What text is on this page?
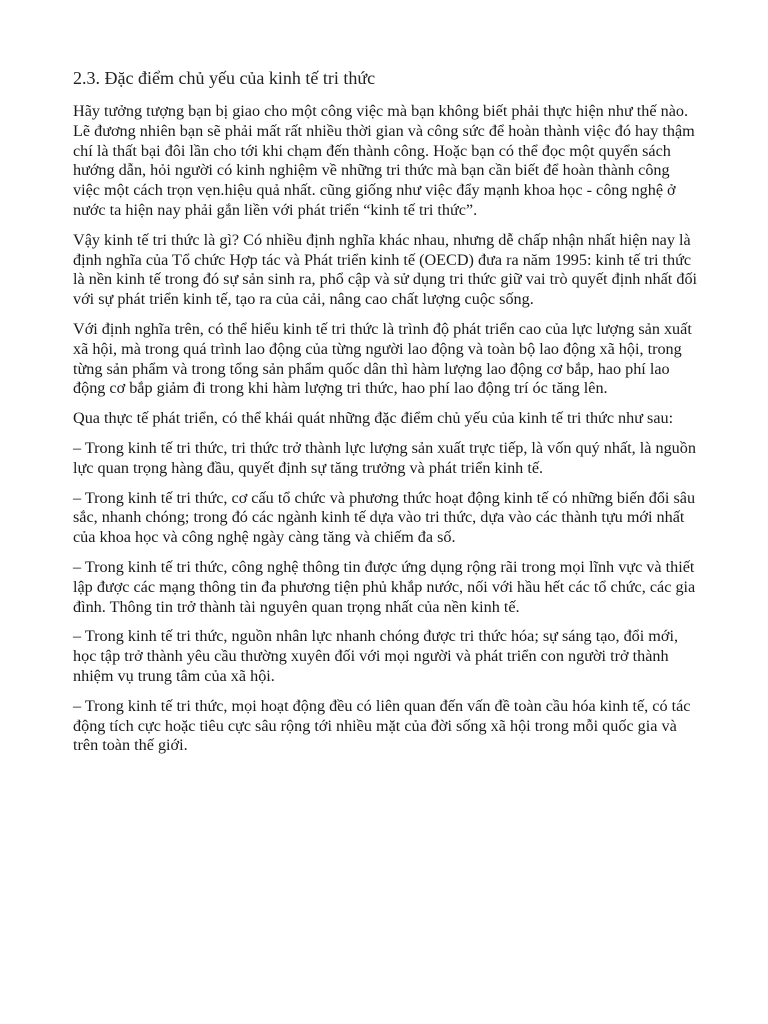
2.3. Đặc điểm chủ yếu của kinh tế tri thức

Hãy tưởng tượng bạn bị giao cho một công việc mà bạn không biết phải thực hiện như thế nào. Lẽ đương nhiên bạn sẽ phải mất rất nhiều thời gian và công sức để hoàn thành việc đó hay thậm chí là thất bại đôi lần cho tới khi chạm đến thành công. Hoặc bạn có thể đọc một quyển sách hướng dẫn, hỏi người có kinh nghiệm về những tri thức mà bạn cần biết để hoàn thành công việc một cách trọn vẹn.hiệu quả nhất. cũng giống như việc đẩy mạnh khoa học - công nghệ ở nước ta hiện nay phải gắn liền với phát triển “kinh tế tri thức”.

Vậy kinh tế tri thức là gì? Có nhiều định nghĩa khác nhau, nhưng dễ chấp nhận nhất hiện nay là định nghĩa của Tổ chức Hợp tác và Phát triển kinh tế (OECD) đưa ra năm 1995: kinh tế tri thức là nền kinh tế trong đó sự sản sinh ra, phổ cập và sử dụng tri thức giữ vai trò quyết định nhất đối với sự phát triển kinh tế, tạo ra của cải, nâng cao chất lượng cuộc sống.

Với định nghĩa trên, có thể hiểu kinh tế tri thức là trình độ phát triển cao của lực lượng sản xuất xã hội, mà trong quá trình lao động của từng người lao động và toàn bộ lao động xã hội, trong từng sản phẩm và trong tổng sản phẩm quốc dân thì hàm lượng lao động cơ bắp, hao phí lao động cơ bắp giảm đi trong khi hàm lượng tri thức, hao phí lao động trí óc tăng lên.

Qua thực tế phát triển, có thể khái quát những đặc điểm chủ yếu của kinh tế tri thức như sau:

– Trong kinh tế tri thức, tri thức trở thành lực lượng sản xuất trực tiếp, là vốn quý nhất, là nguồn lực quan trọng hàng đầu, quyết định sự tăng trưởng và phát triển kinh tế.

– Trong kinh tế tri thức, cơ cấu tổ chức và phương thức hoạt động kinh tế có những biến đổi sâu sắc, nhanh chóng; trong đó các ngành kinh tế dựa vào tri thức, dựa vào các thành tựu mới nhất của khoa học và công nghệ ngày càng tăng và chiếm đa số.

– Trong kinh tế tri thức, công nghệ thông tin được ứng dụng rộng rãi trong mọi lĩnh vực và thiết lập được các mạng thông tin đa phương tiện phủ khắp nước, nối với hầu hết các tổ chức, các gia đình. Thông tin trở thành tài nguyên quan trọng nhất của nền kinh tế.

– Trong kinh tế tri thức, nguồn nhân lực nhanh chóng được tri thức hóa; sự sáng tạo, đổi mới, học tập trở thành yêu cầu thường xuyên đối với mọi người và phát triển con người trở thành nhiệm vụ trung tâm của xã hội.

– Trong kinh tế tri thức, mọi hoạt động đều có liên quan đến vấn đề toàn cầu hóa kinh tế, có tác động tích cực hoặc tiêu cực sâu rộng tới nhiều mặt của đời sống xã hội trong mỗi quốc gia và trên toàn thế giới.
